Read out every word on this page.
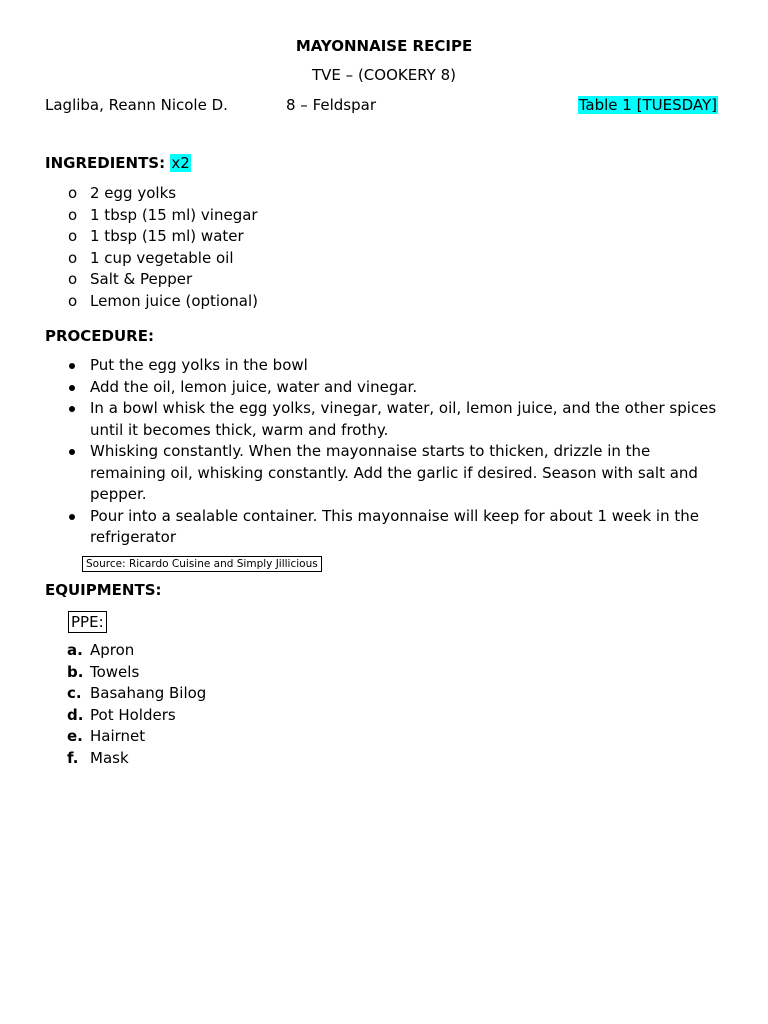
MAYONNAISE RECIPE
TVE – (COOKERY 8)
Lagliba, Reann Nicole D.	8 – Feldspar	Table 1 [TUESDAY]
INGREDIENTS: x2
o 2 egg yolks
o 1 tbsp (15 ml) vinegar
o 1 tbsp (15 ml) water
o 1 cup vegetable oil
o Salt & Pepper
o Lemon juice (optional)
PROCEDURE:
Put the egg yolks in the bowl
Add the oil, lemon juice, water and vinegar.
In a bowl whisk the egg yolks, vinegar, water, oil, lemon juice, and the other spices until it becomes thick, warm and frothy.
Whisking constantly. When the mayonnaise starts to thicken, drizzle in the remaining oil, whisking constantly. Add the garlic if desired. Season with salt and pepper.
Pour into a sealable container. This mayonnaise will keep for about 1 week in the refrigerator
Source: Ricardo Cuisine and Simply Jillicious
EQUIPMENTS:
PPE:
a. Apron
b. Towels
c. Basahang Bilog
d. Pot Holders
e. Hairnet
f. Mask
